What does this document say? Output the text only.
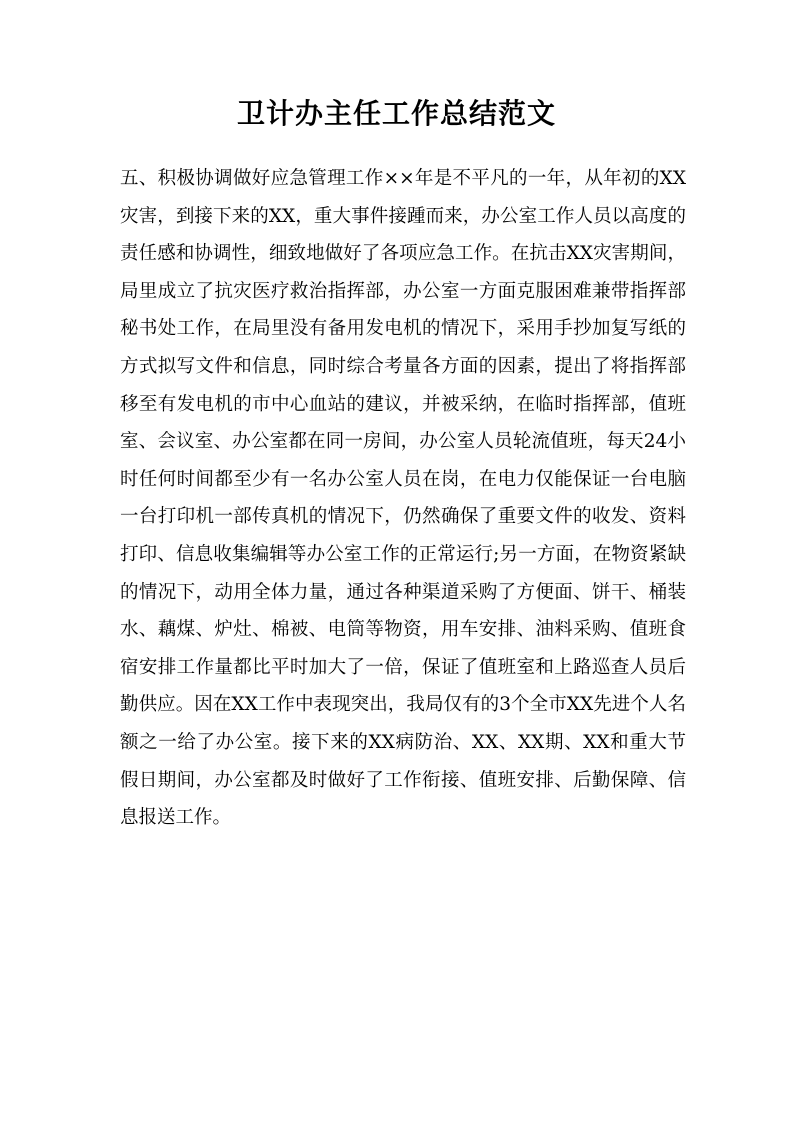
卫计办主任工作总结范文

五、积极协调做好应急管理工作××年是不平凡的一年，从年初的XX灾害，到接下来的XX，重大事件接踵而来，办公室工作人员以高度的责任感和协调性，细致地做好了各项应急工作。在抗击XX灾害期间，局里成立了抗灾医疗救治指挥部，办公室一方面克服困难兼带指挥部秘书处工作，在局里没有备用发电机的情况下，采用手抄加复写纸的方式拟写文件和信息，同时综合考量各方面的因素，提出了将指挥部移至有发电机的市中心血站的建议，并被采纳，在临时指挥部，值班室、会议室、办公室都在同一房间，办公室人员轮流值班，每天24小时任何时间都至少有一名办公室人员在岗，在电力仅能保证一台电脑一台打印机一部传真机的情况下，仍然确保了重要文件的收发、资料打印、信息收集编辑等办公室工作的正常运行;另一方面，在物资紧缺的情况下，动用全体力量，通过各种渠道采购了方便面、饼干、桶装水、藕煤、炉灶、棉被、电筒等物资，用车安排、油料采购、值班食宿安排工作量都比平时加大了一倍，保证了值班室和上路巡查人员后勤供应。因在XX工作中表现突出，我局仅有的3个全市XX先进个人名额之一给了办公室。接下来的XX病防治、XX、XX期、XX和重大节假日期间，办公室都及时做好了工作衔接、值班安排、后勤保障、信息报送工作。
